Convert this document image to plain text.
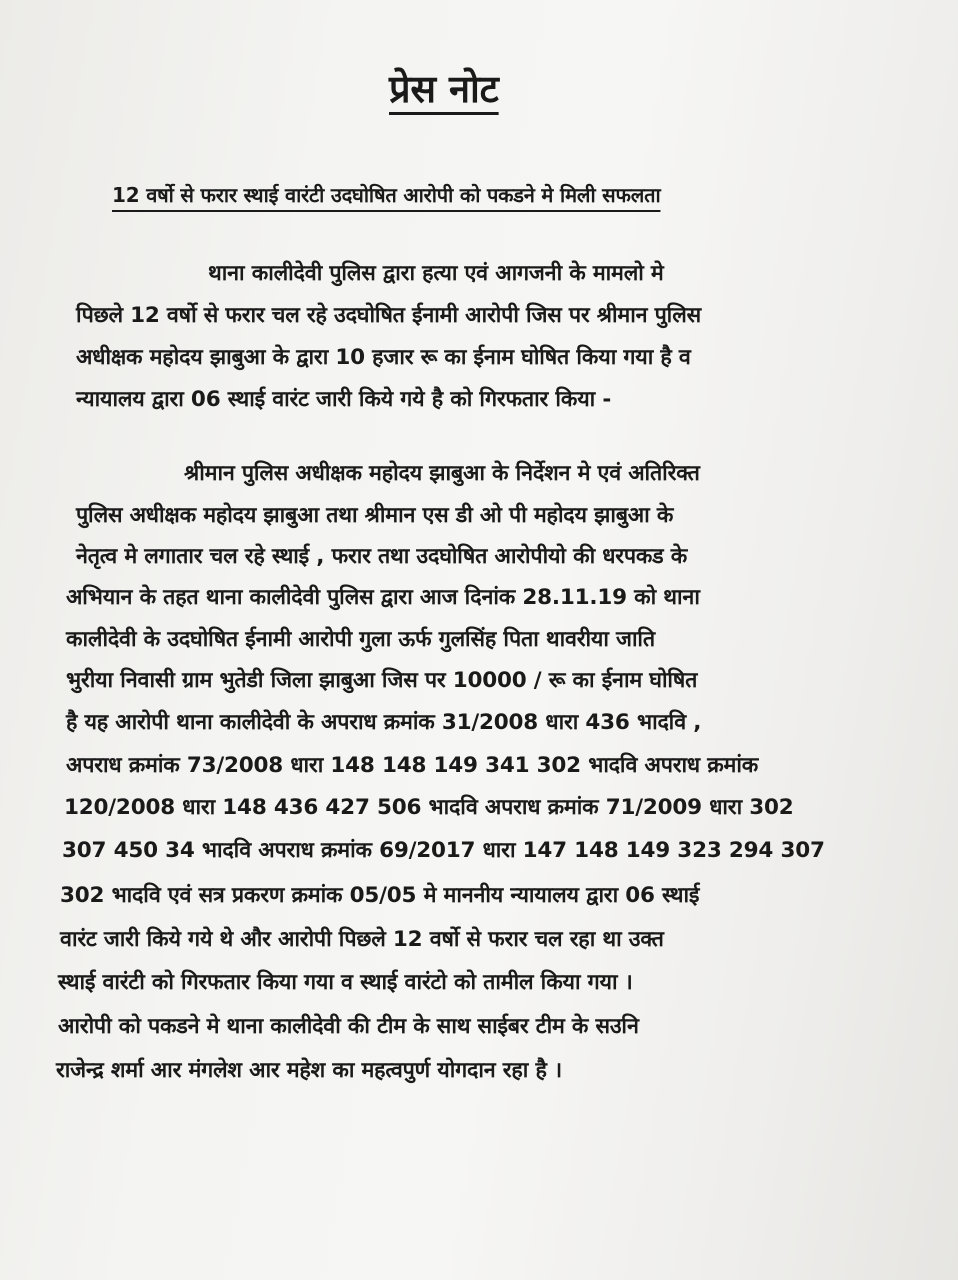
प्रेस नोट
12 वर्षो से फरार स्थाई वारंटी उदघोषित आरोपी को पकडने मे मिली सफलता
थाना कालीदेवी पुलिस द्वारा हत्या एवं आगजनी के मामलो मे
पिछले 12 वर्षो से फरार चल रहे उदघोषित ईनामी आरोपी जिस पर श्रीमान पुलिस
अधीक्षक महोदय झाबुआ के द्वारा 10 हजार रू का ईनाम घोषित किया गया है व
न्यायालय द्वारा 06 स्थाई वारंट जारी किये गये है को गिरफतार किया -
श्रीमान पुलिस अधीक्षक महोदय झाबुआ के निर्देशन मे एवं अतिरिक्त
पुलिस अधीक्षक महोदय झाबुआ तथा श्रीमान एस डी ओ पी महोदय झाबुआ के
नेतृत्व मे लगातार चल रहे स्थाई , फरार तथा उदघोषित आरोपीयो की धरपकड के
अभियान के तहत थाना कालीदेवी पुलिस द्वारा आज दिनांक 28.11.19 को थाना
कालीदेवी के उदघोषित ईनामी आरोपी गुला ऊर्फ गुलसिंह पिता थावरीया जाति
भुरीया निवासी ग्राम भुतेडी जिला झाबुआ जिस पर 10000 / रू का ईनाम घोषित
है यह आरोपी थाना कालीदेवी के अपराध क्रमांक 31/2008 धारा 436 भादवि ,
अपराध क्रमांक 73/2008 धारा 148 148 149 341 302 भादवि अपराध क्रमांक
120/2008 धारा 148 436 427 506 भादवि अपराध क्रमांक 71/2009 धारा 302
307 450 34 भादवि अपराध क्रमांक 69/2017 धारा 147 148 149 323 294 307
302 भादवि एवं सत्र प्रकरण क्रमांक 05/05 मे माननीय न्यायालय द्वारा 06 स्थाई
वारंट जारी किये गये थे और आरोपी पिछले 12 वर्षो से फरार चल रहा था उक्त
स्थाई वारंटी को गिरफतार किया गया व स्थाई वारंटो को तामील किया गया ।
आरोपी को पकडने मे थाना कालीदेवी की टीम के साथ साईबर टीम के सउनि
राजेन्द्र शर्मा आर मंगलेश आर महेश का महत्वपुर्ण योगदान रहा है ।
